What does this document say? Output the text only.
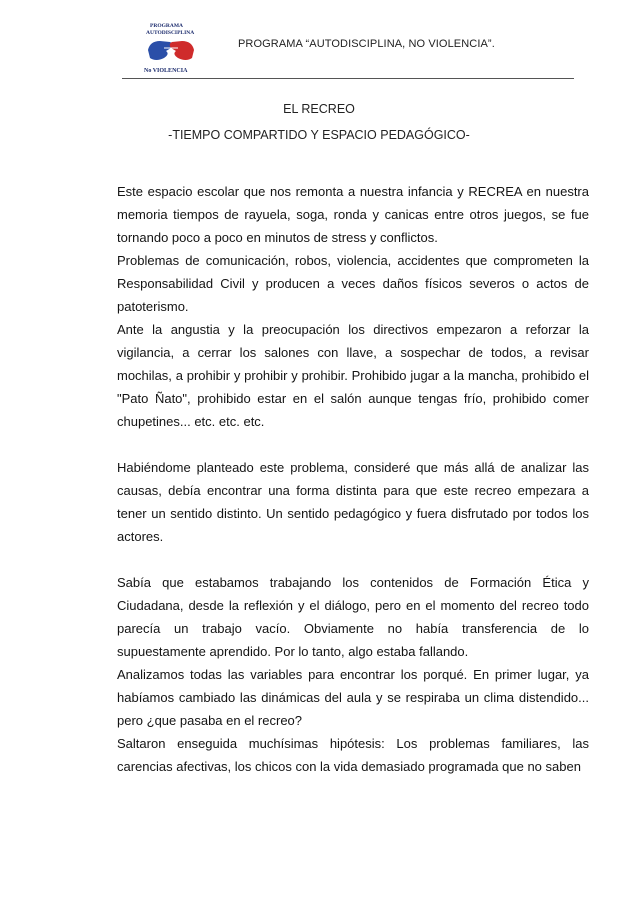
PROGRAMA
AUTODISCIPLINA
No VIOLENCIA
PROGRAMA “AUTODISCIPLINA, NO VIOLENCIA”.
EL RECREO
-TIEMPO COMPARTIDO Y ESPACIO PEDAGÓGICO-

Este espacio escolar que nos remonta a nuestra infancia y RECREA en nuestra memoria tiempos de rayuela, soga, ronda y canicas entre otros juegos, se fue tornando poco a poco en minutos de stress y conflictos.

Problemas de comunicación, robos, violencia, accidentes que comprometen la Responsabilidad Civil y producen a veces daños físicos severos o actos de patoterismo.

Ante la angustia y la preocupación los directivos empezaron a reforzar la vigilancia, a cerrar los salones con llave, a sospechar de todos, a revisar mochilas, a prohibir y prohibir y prohibir. Prohibido jugar a la mancha, prohibido el "Pato Ñato", prohibido estar en el salón aunque tengas frío, prohibido comer chupetines... etc. etc. etc.

Habiéndome planteado este problema, consideré que más allá de analizar las causas, debía encontrar una forma distinta para que este recreo empezara a tener un sentido distinto. Un sentido pedagógico y fuera disfrutado por todos los actores.

Sabía que estabamos trabajando los contenidos de Formación Ética y Ciudadana, desde la reflexión y el diálogo, pero en el momento del recreo todo parecía un trabajo vacío. Obviamente no había transferencia de lo supuestamente aprendido. Por lo tanto, algo estaba fallando.

Analizamos todas las variables para encontrar los porqué. En primer lugar, ya habíamos cambiado las dinámicas del aula y se respiraba un clima distendido... pero ¿que pasaba en el recreo?

Saltaron enseguida muchísimas hipótesis: Los problemas familiares, las carencias afectivas, los chicos con la vida demasiado programada que no saben
